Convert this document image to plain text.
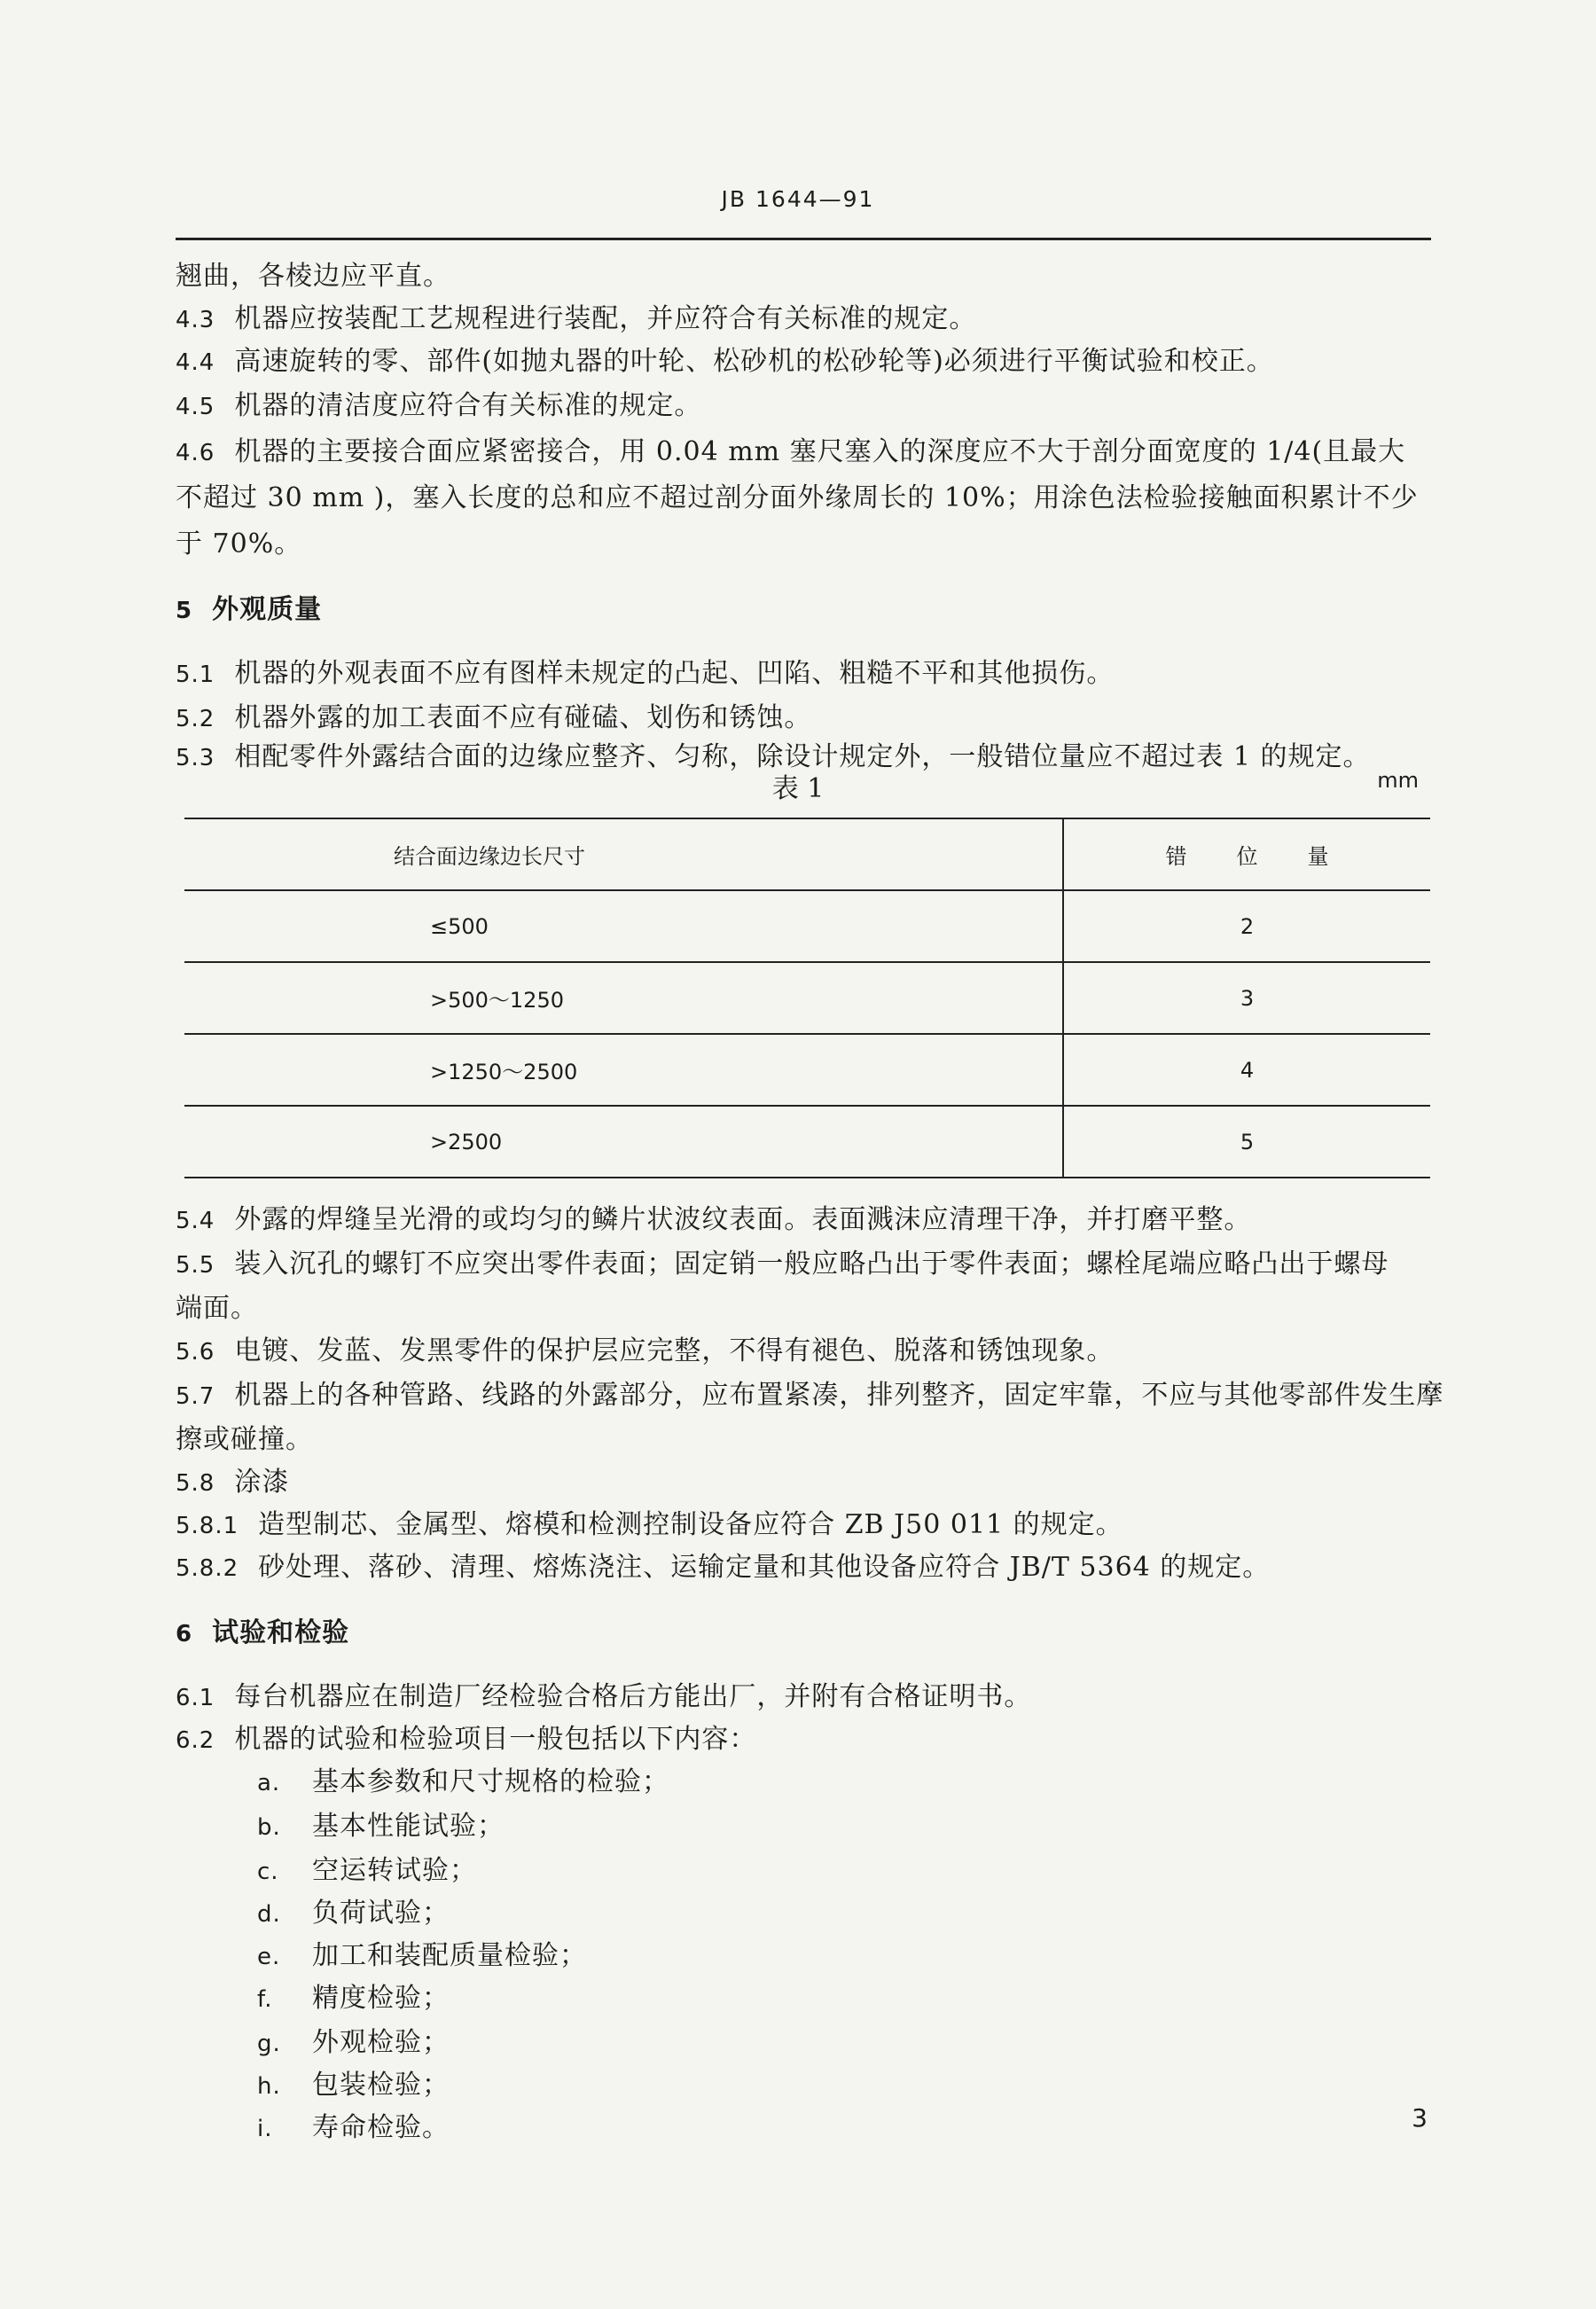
JB 1644—91
翘曲，各棱边应平直。
4.3 机器应按装配工艺规程进行装配，并应符合有关标准的规定。
4.4 高速旋转的零、部件(如抛丸器的叶轮、松砂机的松砂轮等)必须进行平衡试验和校正。
4.5 机器的清洁度应符合有关标准的规定。
4.6 机器的主要接合面应紧密接合，用 0.04 mm 塞尺塞入的深度应不大于剖分面宽度的 1/4(且最大
不超过 30 mm )，塞入长度的总和应不超过剖分面外缘周长的 10%；用涂色法检验接触面积累计不少
于 70%。
5 外观质量
5.1 机器的外观表面不应有图样未规定的凸起、凹陷、粗糙不平和其他损伤。
5.2 机器外露的加工表面不应有碰磕、划伤和锈蚀。
5.3 相配零件外露结合面的边缘应整齐、匀称，除设计规定外，一般错位量应不超过表 1 的规定。
表 1	mm
结合面边缘边长尺寸	错位量
≤500	2
>500～1250	3
>1250～2500	4
>2500	5
5.4 外露的焊缝呈光滑的或均匀的鳞片状波纹表面。表面溅沫应清理干净，并打磨平整。
5.5 装入沉孔的螺钉不应突出零件表面；固定销一般应略凸出于零件表面；螺栓尾端应略凸出于螺母
端面。
5.6 电镀、发蓝、发黑零件的保护层应完整，不得有褪色、脱落和锈蚀现象。
5.7 机器上的各种管路、线路的外露部分，应布置紧凑，排列整齐，固定牢靠，不应与其他零部件发生摩
擦或碰撞。
5.8 涂漆
5.8.1 造型制芯、金属型、熔模和检测控制设备应符合 ZB J50 011 的规定。
5.8.2 砂处理、落砂、清理、熔炼浇注、运输定量和其他设备应符合 JB/T 5364 的规定。
6 试验和检验
6.1 每台机器应在制造厂经检验合格后方能出厂，并附有合格证明书。
6.2 机器的试验和检验项目一般包括以下内容：
a. 基本参数和尺寸规格的检验；
b. 基本性能试验；
c. 空运转试验；
d. 负荷试验；
e. 加工和装配质量检验；
f. 精度检验；
g. 外观检验；
h. 包装检验；
i. 寿命检验。	3
